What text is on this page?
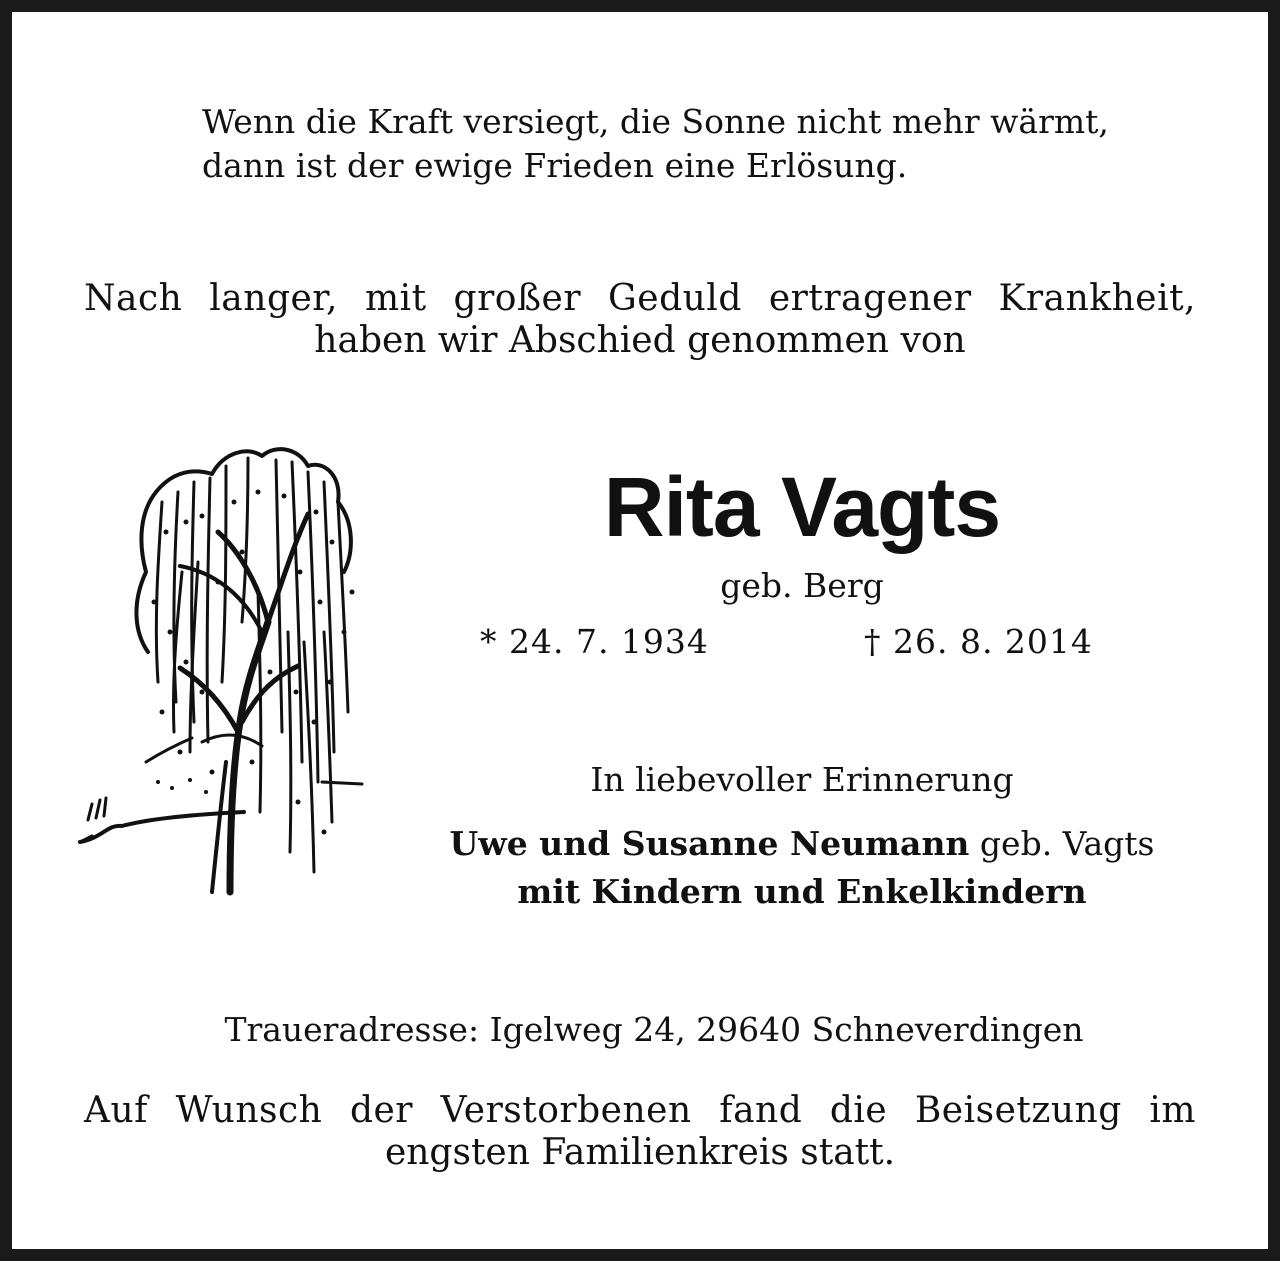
Wenn die Kraft versiegt, die Sonne nicht mehr wärmt,
dann ist der ewige Frieden eine Erlösung.
Nach langer, mit großer Geduld ertragener Krankheit,
haben wir Abschied genommen von
Rita Vagts
geb. Berg
* 24. 7. 1934	† 26. 8. 2014
In liebevoller Erinnerung
Uwe und Susanne Neumann geb. Vagts
mit Kindern und Enkelkindern
Traueradresse: Igelweg 24, 29640 Schneverdingen
Auf Wunsch der Verstorbenen fand die Beisetzung im
engsten Familienkreis statt.
